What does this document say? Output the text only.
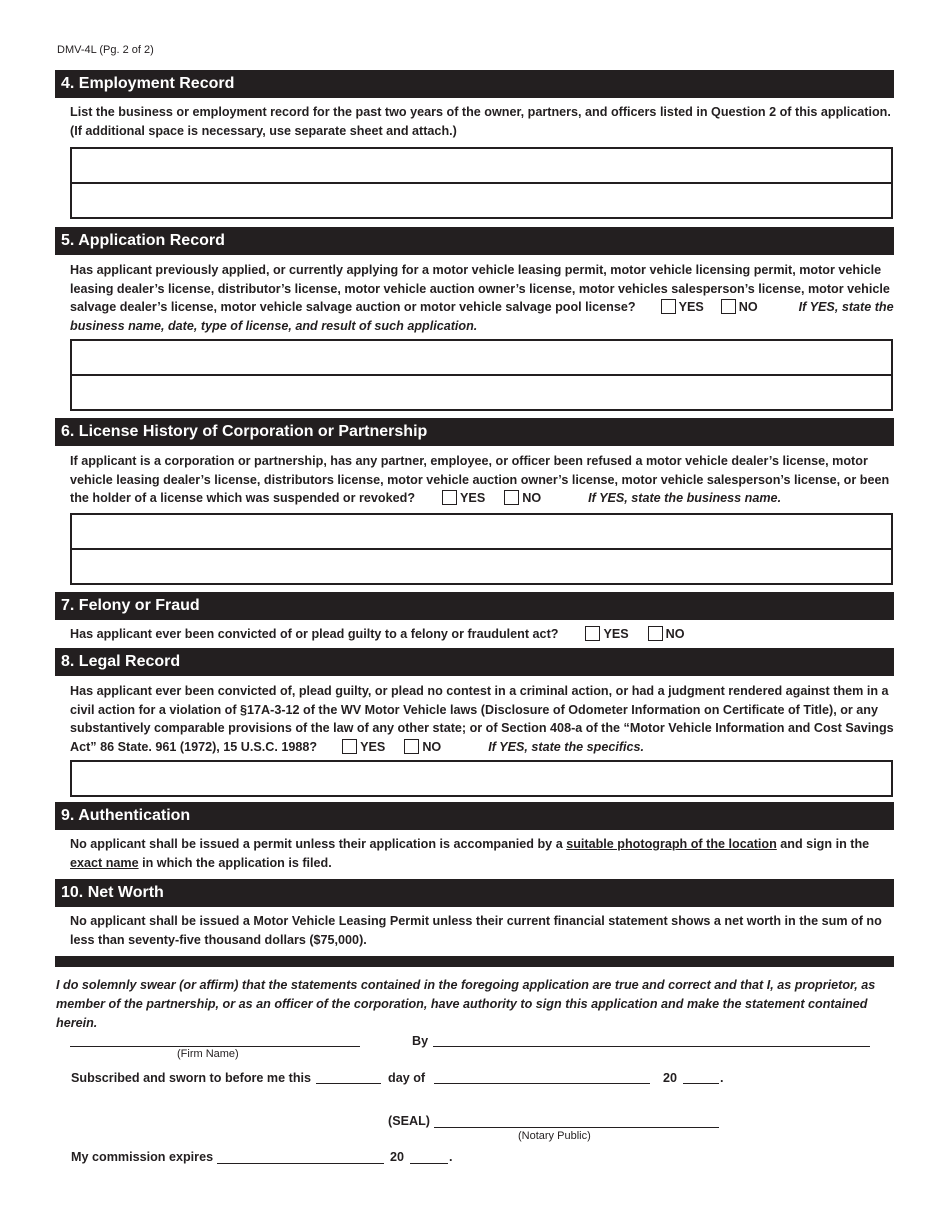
DMV-4L (Pg. 2 of 2)
4. Employment Record
List the business or employment record for the past two years of the owner, partners, and officers listed in Question 2 of this application.
(If additional space is necessary, use separate sheet and attach.)
5. Application Record
Has applicant previously applied, or currently applying for a motor vehicle leasing permit, motor vehicle licensing permit, motor vehicle leasing dealer’s license, distributor’s license, motor vehicle auction owner’s license, motor vehicles salesperson’s license, motor vehicle salvage dealer’s license, motor vehicle salvage auction or motor vehicle salvage pool license?	YES	NO	If YES, state the business name, date, type of license, and result of such application.
6. License History of Corporation or Partnership
If applicant is a corporation or partnership, has any partner, employee, or officer been refused a motor vehicle dealer’s license, motor vehicle leasing dealer’s license, distributors license, motor vehicle auction owner’s license, motor vehicle salesperson’s license, or been the holder of a license which was suspended or revoked?	YES	NO	If YES, state the business name.
7. Felony or Fraud
Has applicant ever been convicted of or plead guilty to a felony or fraudulent act?	YES	NO
8. Legal Record
Has applicant ever been convicted of, plead guilty, or plead no contest in a criminal action, or had a judgment rendered against them in a civil action for a violation of §17A-3-12 of the WV Motor Vehicle laws (Disclosure of Odometer Information on Certificate of Title), or any substantively comparable provisions of the law of any other state; or of Section 408-a of the “Motor Vehicle Information and Cost Savings Act” 86 State. 961 (1972), 15 U.S.C. 1988?	YES	NO	If YES, state the specifics.
9. Authentication
No applicant shall be issued a permit unless their application is accompanied by a suitable photograph of the location and sign in the
exact name in which the application is filed.
10. Net Worth
No applicant shall be issued a Motor Vehicle Leasing Permit unless their current financial statement shows a net worth in the sum of no less than seventy-five thousand dollars ($75,000).
I do solemnly swear (or affirm) that the statements contained in the foregoing application are true and correct and that I, as proprietor, as
member of the partnership, or as an officer of the corporation, have authority to sign this application and make the statement contained herein.
(Firm Name)
By
Subscribed and sworn to before me this	day of	20	.
(SEAL)
(Notary Public)
My commission expires	20	.
